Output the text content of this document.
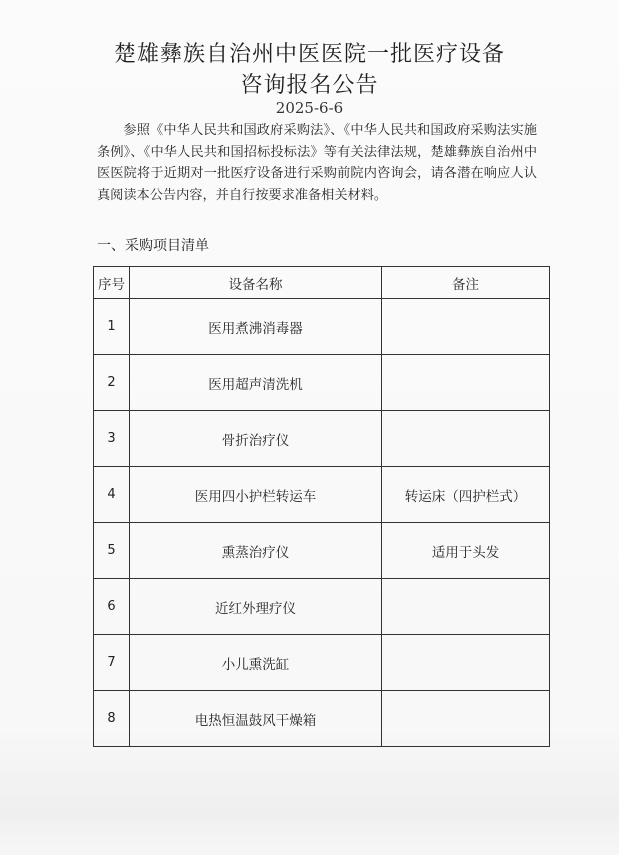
楚雄彝族自治州中医医院一批医疗设备
咨询报名公告
2025-6-6
参照《中华人民共和国政府采购法》、《中华人民共和国政府采购法实施条例》、《中华人民共和国招标投标法》等有关法律法规，楚雄彝族自治州中医医院将于近期对一批医疗设备进行采购前院内咨询会，请各潜在响应人认真阅读本公告内容，并自行按要求准备相关材料。
一、采购项目清单
序号	设备名称	备注
1	医用煮沸消毒器	
2	医用超声清洗机	
3	骨折治疗仪	
4	医用四小护栏转运车	转运床（四护栏式）
5	熏蒸治疗仪	适用于头发
6	近红外理疗仪	
7	小儿熏洗缸	
8	电热恒温鼓风干燥箱	
